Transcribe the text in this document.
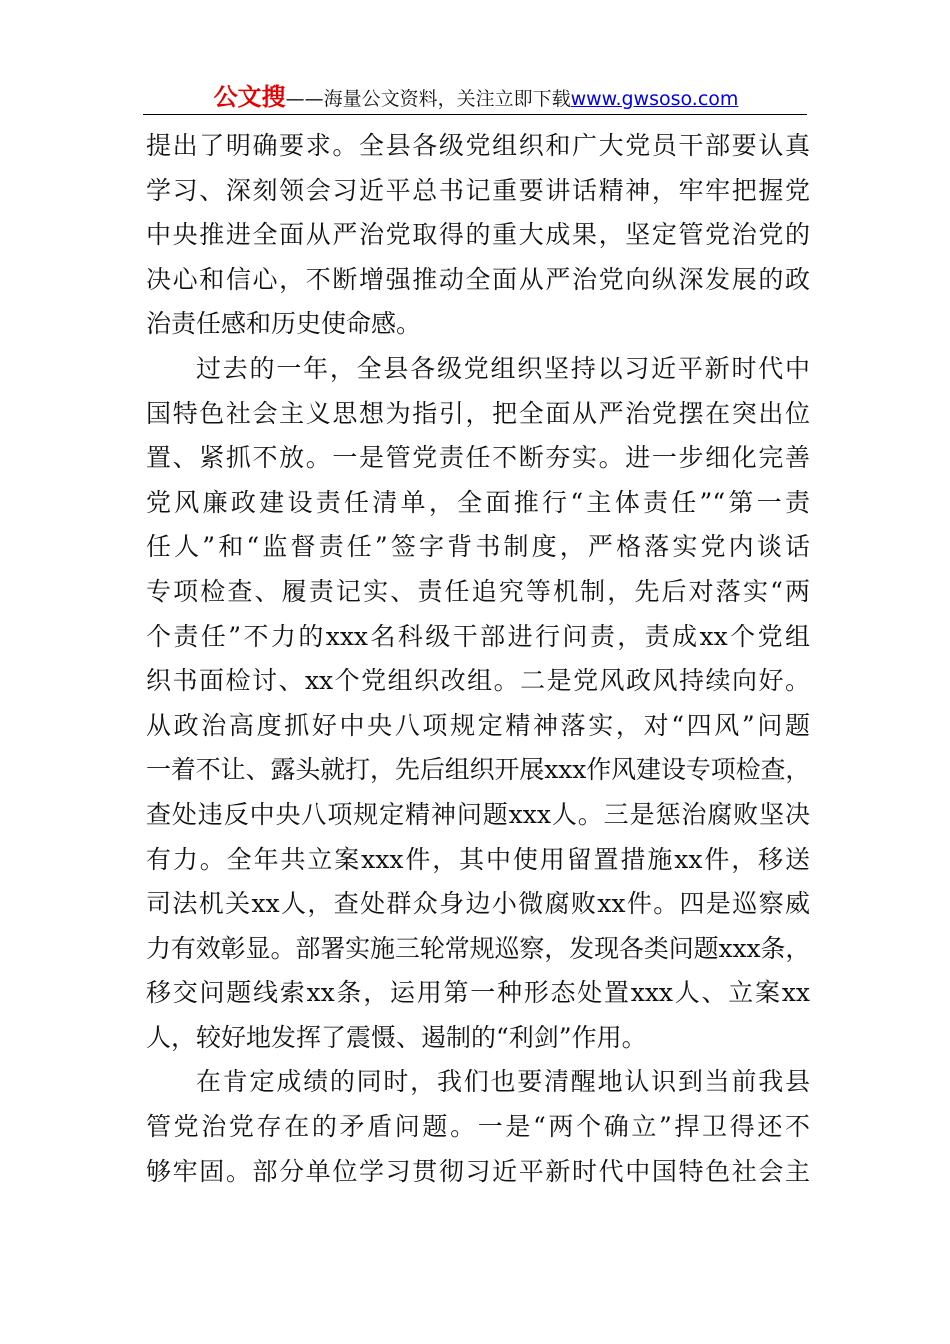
公文搜——海量公文资料，关注立即下载www.gwsoso.com
提出了明确要求。全县各级党组织和广大党员干部要认真
学习、深刻领会习近平总书记重要讲话精神，牢牢把握党
中央推进全面从严治党取得的重大成果，坚定管党治党的
决心和信心，不断增强推动全面从严治党向纵深发展的政
治责任感和历史使命感。
过去的一年，全县各级党组织坚持以习近平新时代中
国特色社会主义思想为指引，把全面从严治党摆在突出位
置、紧抓不放。一是管党责任不断夯实。进一步细化完善
党风廉政建设责任清单，全面推行“主体责任”“第一责
任人”和“监督责任”签字背书制度，严格落实党内谈话
专项检查、履责记实、责任追究等机制，先后对落实“两
个责任”不力的xxx名科级干部进行问责，责成xx个党组
织书面检讨、xx个党组织改组。二是党风政风持续向好。
从政治高度抓好中央八项规定精神落实，对“四风”问题
一着不让、露头就打，先后组织开展xxx作风建设专项检查，
查处违反中央八项规定精神问题xxx人。三是惩治腐败坚决
有力。全年共立案xxx件，其中使用留置措施xx件，移送
司法机关xx人，查处群众身边小微腐败xx件。四是巡察威
力有效彰显。部署实施三轮常规巡察，发现各类问题xxx条，
移交问题线索xx条，运用第一种形态处置xxx人、立案xx
人，较好地发挥了震慑、遏制的“利剑”作用。
在肯定成绩的同时，我们也要清醒地认识到当前我县
管党治党存在的矛盾问题。一是“两个确立”捍卫得还不
够牢固。部分单位学习贯彻习近平新时代中国特色社会主
